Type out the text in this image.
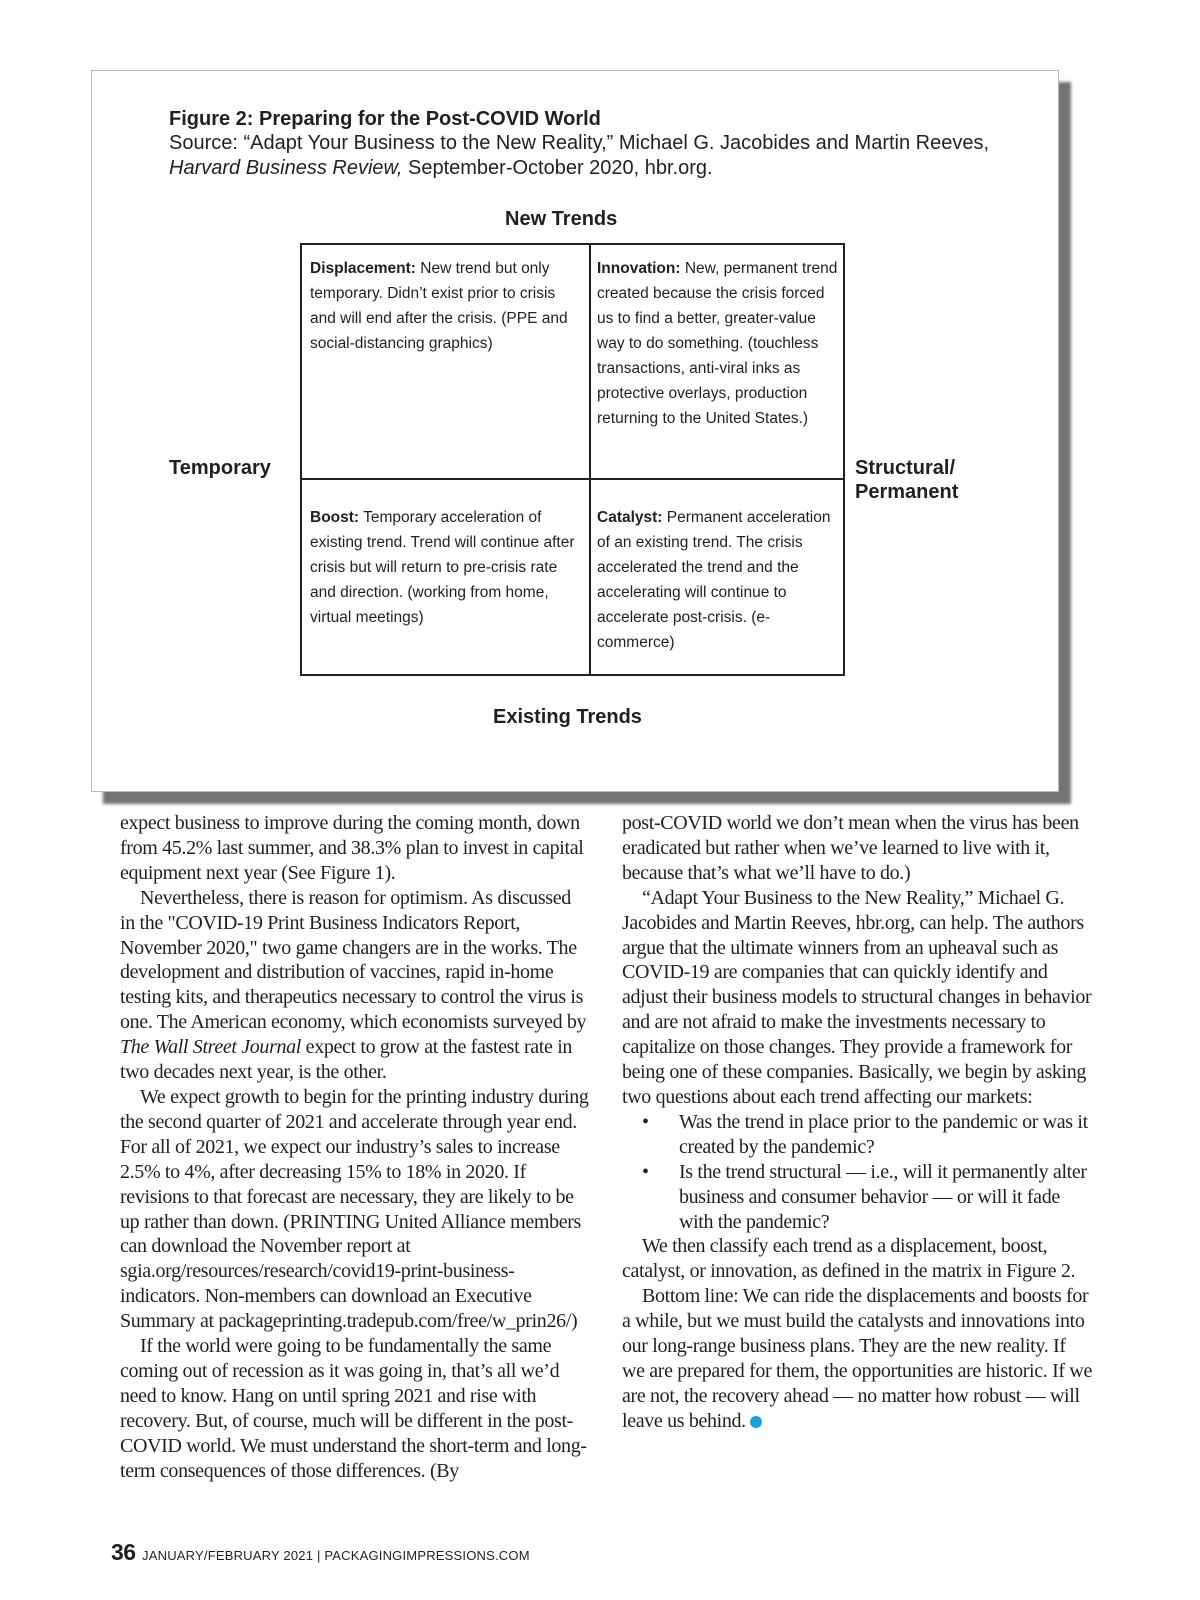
Figure 2: Preparing for the Post-COVID World
Source: “Adapt Your Business to the New Reality,” Michael G. Jacobides and Martin Reeves, Harvard Business Review, September-October 2020, hbr.org.
New Trends
Temporary	Structural/ Permanent
Existing Trends
Displacement: New trend but only temporary. Didn’t exist prior to crisis and will end after the crisis. (PPE and social-distancing graphics)
Innovation: New, permanent trend created because the crisis forced us to find a better, greater-value way to do something. (touchless transactions, anti-viral inks as protective overlays, production returning to the United States.)
Boost: Temporary acceleration of existing trend. Trend will continue after crisis but will return to pre-crisis rate and direction. (working from home, virtual meetings)
Catalyst: Permanent acceleration of an existing trend. The crisis accelerated the trend and the accelerating will continue to accelerate post-crisis. (e-commerce)

expect business to improve during the coming month, down from 45.2% last summer, and 38.3% plan to invest in capital equipment next year (See Figure 1).

Nevertheless, there is reason for optimism. As discussed in the "COVID-19 Print Business Indicators Report, November 2020," two game changers are in the works. The development and distribution of vaccines, rapid in-home testing kits, and therapeutics necessary to control the virus is one. The American economy, which economists surveyed by The Wall Street Journal expect to grow at the fastest rate in two decades next year, is the other.

We expect growth to begin for the printing industry during the second quarter of 2021 and accelerate through year end. For all of 2021, we expect our industry’s sales to increase 2.5% to 4%, after decreasing 15% to 18% in 2020. If revisions to that forecast are necessary, they are likely to be up rather than down. (PRINTING United Alliance members can download the November report at sgia.org/resources/research/covid19-print-business-indicators. Non-members can download an Executive Summary at packageprinting.tradepub.com/free/w_prin26/)

If the world were going to be fundamentally the same coming out of recession as it was going in, that’s all we’d need to know. Hang on until spring 2021 and rise with recovery. But, of course, much will be different in the post-COVID world. We must understand the short-term and long-term consequences of those differences. (By

post-COVID world we don’t mean when the virus has been eradicated but rather when we’ve learned to live with it, because that’s what we’ll have to do.)

“Adapt Your Business to the New Reality,” Michael G. Jacobides and Martin Reeves, hbr.org, can help. The authors argue that the ultimate winners from an upheaval such as COVID-19 are companies that can quickly identify and adjust their business models to structural changes in behavior and are not afraid to make the investments necessary to capitalize on those changes. They provide a framework for being one of these companies. Basically, we begin by asking two questions about each trend affecting our markets:

• Was the trend in place prior to the pandemic or was it created by the pandemic?
• Is the trend structural — i.e., will it permanently alter business and consumer behavior — or will it fade with the pandemic?

We then classify each trend as a displacement, boost, catalyst, or innovation, as defined in the matrix in Figure 2.

Bottom line: We can ride the displacements and boosts for a while, but we must build the catalysts and innovations into our long-range business plans. They are the new reality. If we are prepared for them, the opportunities are historic. If we are not, the recovery ahead — no matter how robust — will leave us behind.

36 JANUARY/FEBRUARY 2021 | PACKAGINGIMPRESSIONS.COM
